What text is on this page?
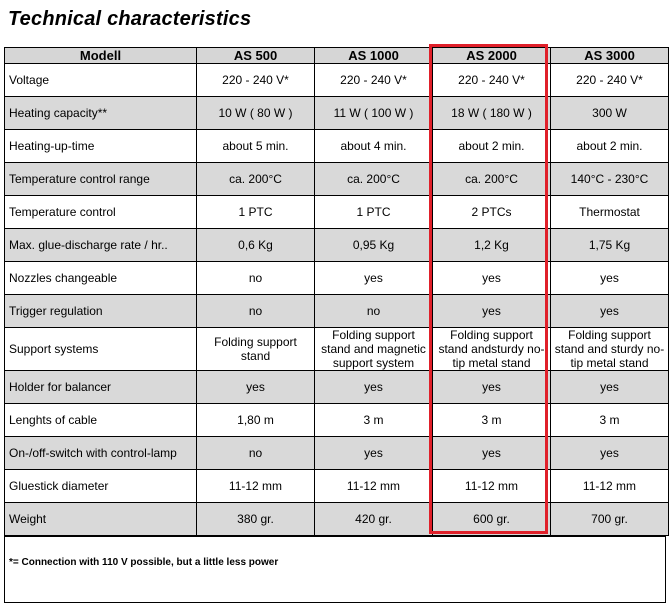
Technical characteristics
Modell	AS 500	AS 1000	AS 2000	AS 3000
Voltage	220 - 240 V*	220 - 240 V*	220 - 240 V*	220 - 240 V*
Heating capacity**	10 W ( 80 W )	11 W ( 100 W )	18 W ( 180 W )	300 W
Heating-up-time	about 5 min.	about 4 min.	about 2 min.	about 2 min.
Temperature control range	ca. 200°C	ca. 200°C	ca. 200°C	140°C - 230°C
Temperature control	1 PTC	1 PTC	2 PTCs	Thermostat
Max. glue-discharge rate / hr..	0,6 Kg	0,95 Kg	1,2 Kg	1,75 Kg
Nozzles changeable	no	yes	yes	yes
Trigger regulation	no	no	yes	yes
Support systems	Folding support stand	Folding support stand and magnetic support system	Folding support stand andsturdy no-tip metal stand	Folding support stand and sturdy no-tip metal stand
Holder for balancer	yes	yes	yes	yes
Lenghts of cable	1,80 m	3 m	3 m	3 m
On-/off-switch with control-lamp	no	yes	yes	yes
Gluestick diameter	11-12 mm	11-12 mm	11-12 mm	11-12 mm
Weight	380 gr.	420 gr.	600 gr.	700 gr.
*= Connection with 110 V possible, but a little less power
